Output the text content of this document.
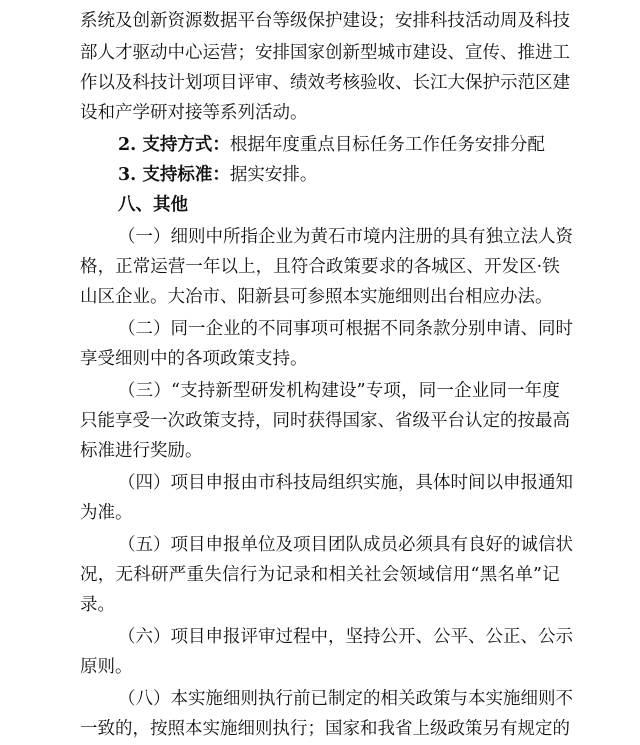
系 统 及 创 新 资 源 数 据 平 台 等 级 保 护 建 设 ； 安 排 科 技 活 动 周 及 科 技
部 人 才 驱 动 中 心 运 营 ； 安 排 国 家 创 新 型 城 市 建 设 、 宣 传 、 推 进 工
作 以 及 科 技 计 划 项 目 评 审 、 绩 效 考 核 验 收 、 长 江 大 保 护 示 范 区 建
设和产学研对接等系列活动。
2. 支持方式：根据年度重点目标任务工作任务安排分配
3. 支持标准：据实安排。
八、其他
（ 一 ） 细 则 中 所 指 企 业 为 黄 石 市 境 内 注 册 的 具 有 独 立 法 人 资
格 ， 正 常 运 营 一 年 以 上 ， 且 符 合 政 策 要 求 的 各 城 区 、 开 发 区 · 铁
山区企业。大冶市、阳新县可参照本实施细则出台相应办法。
（ 二 ） 同 一 企 业 的 不 同 事 项 可 根 据 不 同 条 款 分 别 申 请 、 同 时
享受细则中的各项政策支持。
（ 三 ） “ 支 持 新 型 研 发 机 构 建 设 ” 专 项 ， 同 一 企 业 同 一 年 度
只 能 享 受 一 次 政 策 支 持 ， 同 时 获 得 国 家 、 省 级 平 台 认 定 的 按 最 高
标准进行奖励。
（ 四 ） 项 目 申 报 由 市 科 技 局 组 织 实 施 ， 具 体 时 间 以 申 报 通 知
为准。
（ 五 ） 项 目 申 报 单 位 及 项 目 团 队 成 员 必 须 具 有 良 好 的 诚 信 状
况 ， 无 科 研 严 重 失 信 行 为 记 录 和 相 关 社 会 领 域 信 用 “ 黑 名 单 ” 记
录。
（ 六 ） 项 目 申 报 评 审 过 程 中 ， 坚 持 公 开 、 公 平 、 公 正 、 公 示
原则。
（ 八 ） 本 实 施 细 则 执 行 前 已 制 定 的 相 关 政 策 与 本 实 施 细 则 不
一 致 的 ， 按 照 本 实 施 细 则 执 行 ； 国 家 和 我 省 上 级 政 策 另 有 规 定 的
